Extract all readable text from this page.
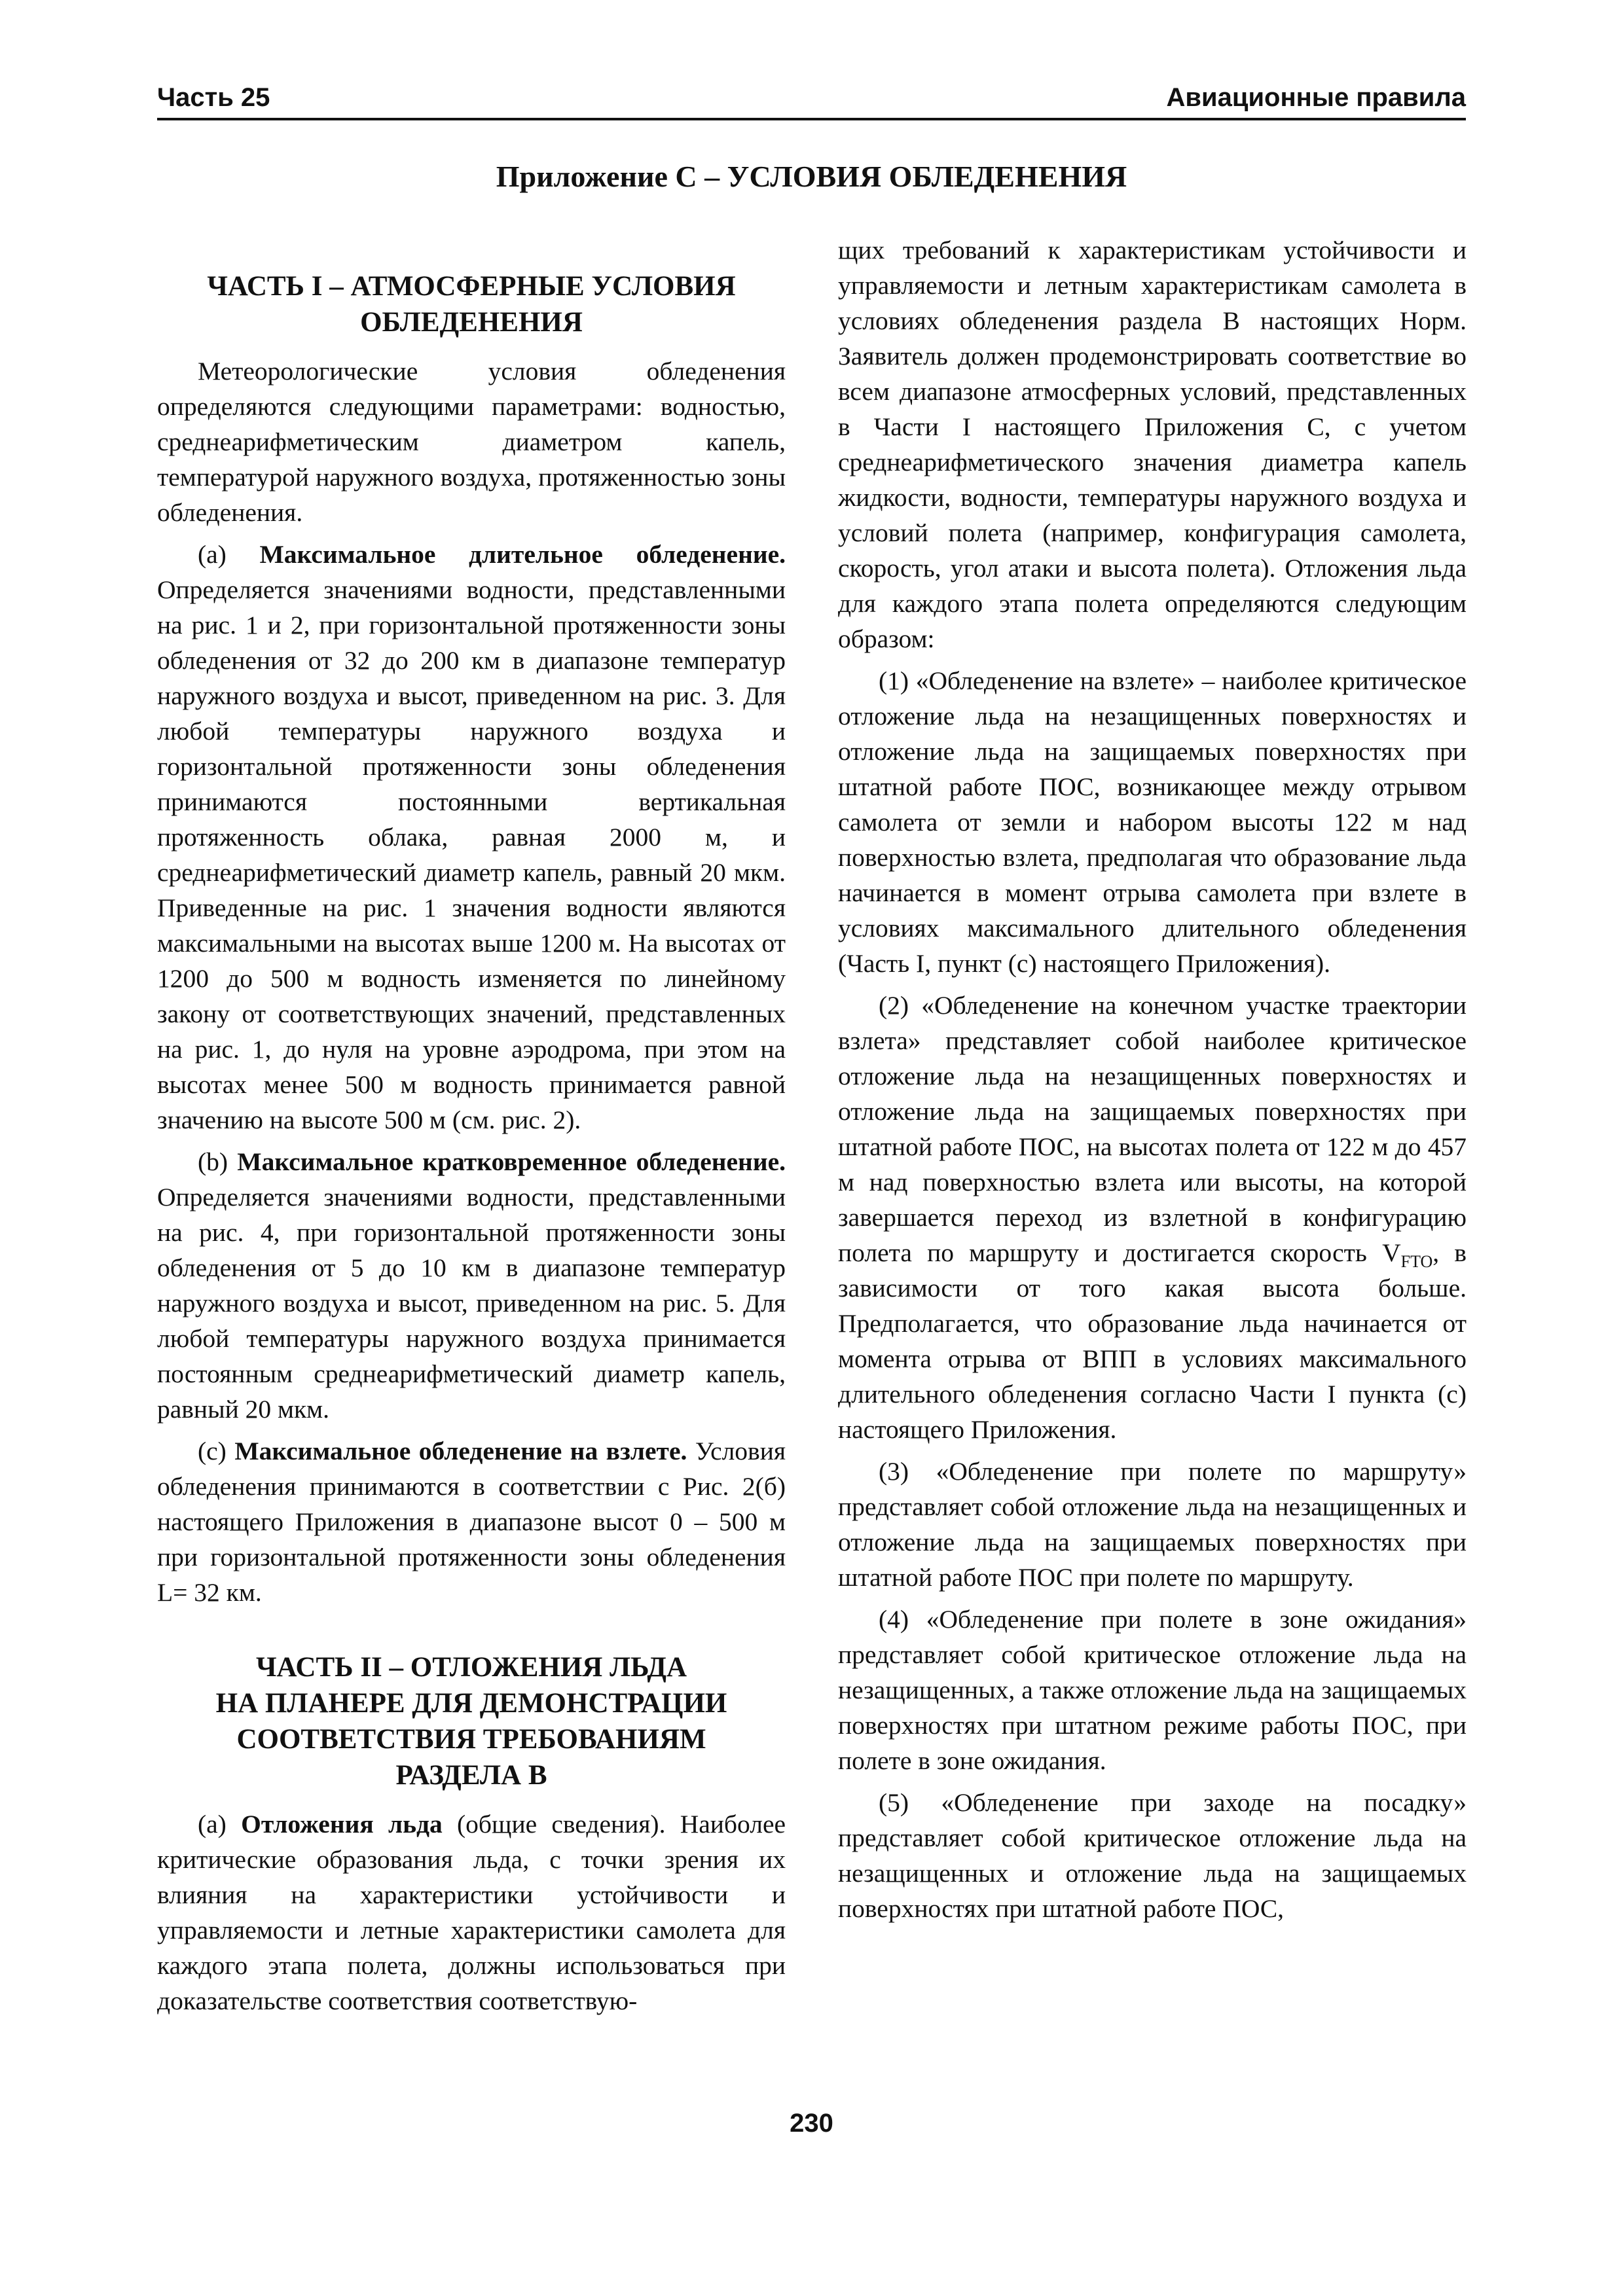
Часть 25	Авиационные правила
Приложение С – УСЛОВИЯ ОБЛЕДЕНЕНИЯ
ЧАСТЬ I – АТМОСФЕРНЫЕ УСЛОВИЯ
ОБЛЕДЕНЕНИЯ

Метеорологические условия обледенения определяются следующими параметрами: водностью, среднеарифметическим диаметром капель, температурой наружного воздуха, протяженностью зоны обледенения.

(a) Максимальное длительное обледенение. Определяется значениями водности, представленными на рис. 1 и 2, при горизонтальной протяженности зоны обледенения от 32 до 200 км в диапазоне температур наружного воздуха и высот, приведенном на рис. 3. Для любой температуры наружного воздуха и горизонтальной протяженности зоны обледенения принимаются постоянными вертикальная протяженность облака, равная 2000 м, и среднеарифметический диаметр капель, равный 20 мкм. Приведенные на рис. 1 значения водности являются максимальными на высотах выше 1200 м. На высотах от 1200 до 500 м водность изменяется по линейному закону от соответствующих значений, представленных на рис. 1, до нуля на уровне аэродрома, при этом на высотах менее 500 м водность принимается равной значению на высоте 500 м (см. рис. 2).

(b) Максимальное кратковременное обледенение. Определяется значениями водности, представленными на рис. 4, при горизонтальной протяженности зоны обледенения от 5 до 10 км в диапазоне температур наружного воздуха и высот, приведенном на рис. 5. Для любой температуры наружного воздуха принимается постоянным среднеарифметический диаметр капель, равный 20 мкм.

(c) Максимальное обледенение на взлете. Условия обледенения принимаются в соответствии с Рис. 2(б) настоящего Приложения в диапазоне высот 0 – 500 м при горизонтальной протяженности зоны обледенения L= 32 км.

ЧАСТЬ II – ОТЛОЖЕНИЯ ЛЬДА
НА ПЛАНЕРЕ ДЛЯ ДЕМОНСТРАЦИИ
СООТВЕТСТВИЯ ТРЕБОВАНИЯМ
РАЗДЕЛА В

(a) Отложения льда (общие сведения). Наиболее критические образования льда, с точки зрения их влияния на характеристики устойчивости и управляемости и летные характеристики самолета для каждого этапа полета, должны использоваться при доказательстве соответствия соответствую-

щих требований к характеристикам устойчивости и управляемости и летным характеристикам самолета в условиях обледенения раздела В настоящих Норм. Заявитель должен продемонстрировать соответствие во всем диапазоне атмосферных условий, представленных в Части I настоящего Приложения С, с учетом среднеарифметического значения диаметра капель жидкости, водности, температуры наружного воздуха и условий полета (например, конфигурация самолета, скорость, угол атаки и высота полета). Отложения льда для каждого этапа полета определяются следующим образом:

(1) «Обледенение на взлете» – наиболее критическое отложение льда на незащищенных поверхностях и отложение льда на защищаемых поверхностях при штатной работе ПОС, возникающее между отрывом самолета от земли и набором высоты 122 м над поверхностью взлета, предполагая что образование льда начинается в момент отрыва самолета при взлете в условиях максимального длительного обледенения (Часть I, пункт (c) настоящего Приложения).

(2) «Обледенение на конечном участке траектории взлета» представляет собой наиболее критическое отложение льда на незащищенных поверхностях и отложение льда на защищаемых поверхностях при штатной работе ПОС, на высотах полета от 122 м до 457 м над поверхностью взлета или высоты, на которой завершается переход из взлетной в конфигурацию полета по маршруту и достигается скорость $V_{FTO}$, в зависимости от того какая высота больше. Предполагается, что образование льда начинается от момента отрыва от ВПП в условиях максимального длительного обледенения согласно Части I пункта (c) настоящего Приложения.

(3) «Обледенение при полете по маршруту» представляет собой отложение льда на незащищенных и отложение льда на защищаемых поверхностях при штатной работе ПОС при полете по маршруту.

(4) «Обледенение при полете в зоне ожидания» представляет собой критическое отложение льда на незащищенных, а также отложение льда на защищаемых поверхностях при штатном режиме работы ПОС, при полете в зоне ожидания.

(5) «Обледенение при заходе на посадку» представляет собой критическое отложение льда на незащищенных и отложение льда на защищаемых поверхностях при штатной работе ПОС,

230
